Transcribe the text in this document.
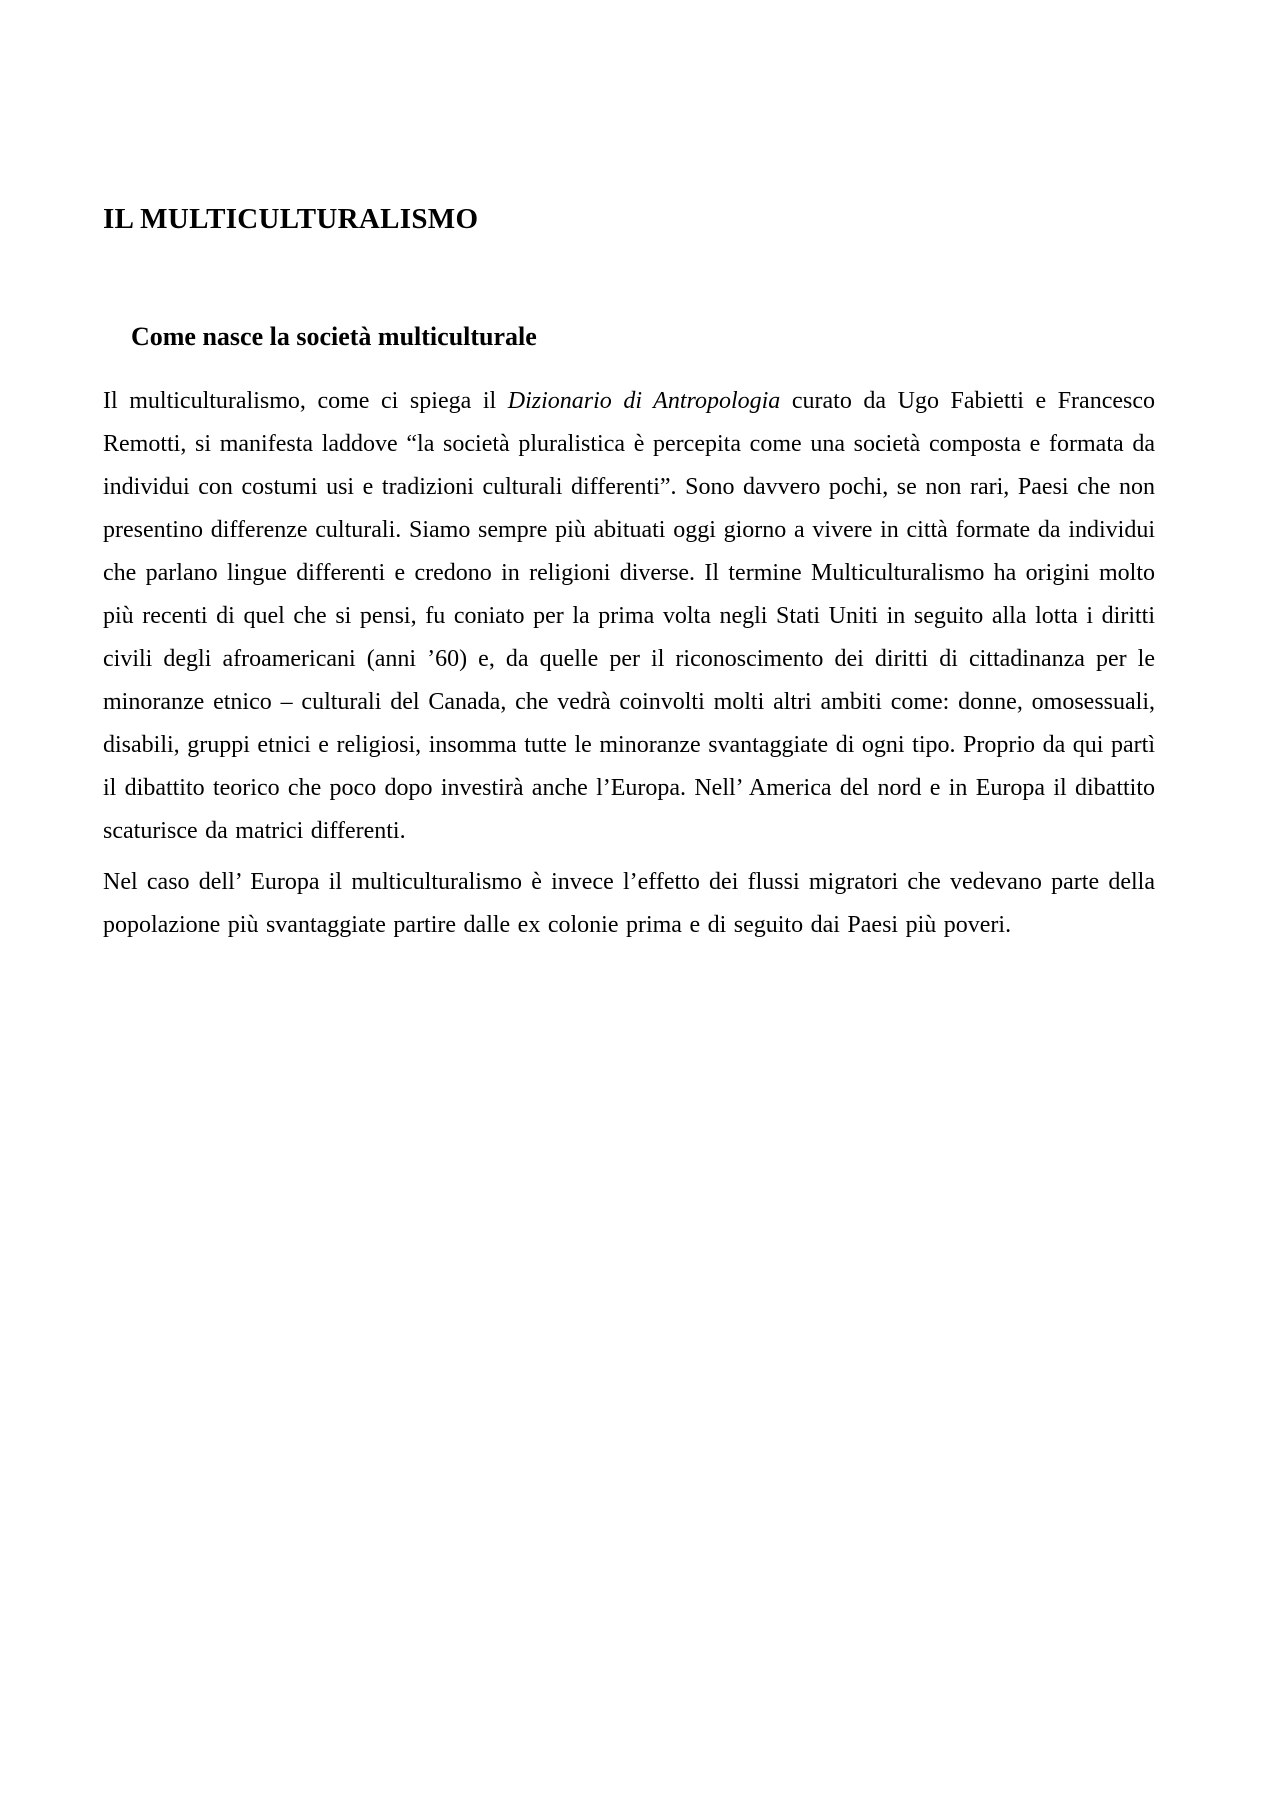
IL MULTICULTURALISMO
Come nasce la società multiculturale

Il multiculturalismo, come ci spiega il Dizionario di Antropologia curato da Ugo Fabietti e Francesco Remotti, si manifesta laddove “la società pluralistica è percepita come una società composta e formata da individui con costumi usi e tradizioni culturali differenti”. Sono davvero pochi, se non rari, Paesi che non presentino differenze culturali. Siamo sempre più abituati oggi giorno a vivere in città formate da individui che parlano lingue differenti e credono in religioni diverse. Il termine Multiculturalismo ha origini molto più recenti di quel che si pensi, fu coniato per la prima volta negli Stati Uniti in seguito alla lotta i diritti civili degli afroamericani (anni ’60) e, da quelle per il riconoscimento dei diritti di cittadinanza per le minoranze etnico – culturali del Canada, che vedrà coinvolti molti altri ambiti come: donne, omosessuali, disabili, gruppi etnici e religiosi, insomma tutte le minoranze svantaggiate di ogni tipo. Proprio da qui partì il dibattito teorico che poco dopo investirà anche l’Europa. Nell’ America del nord e in Europa il dibattito scaturisce da matrici differenti.

Nel caso dell’ Europa il multiculturalismo è invece l’effetto dei flussi migratori che vedevano parte della popolazione più svantaggiate partire dalle ex colonie prima e di seguito dai Paesi più poveri.
